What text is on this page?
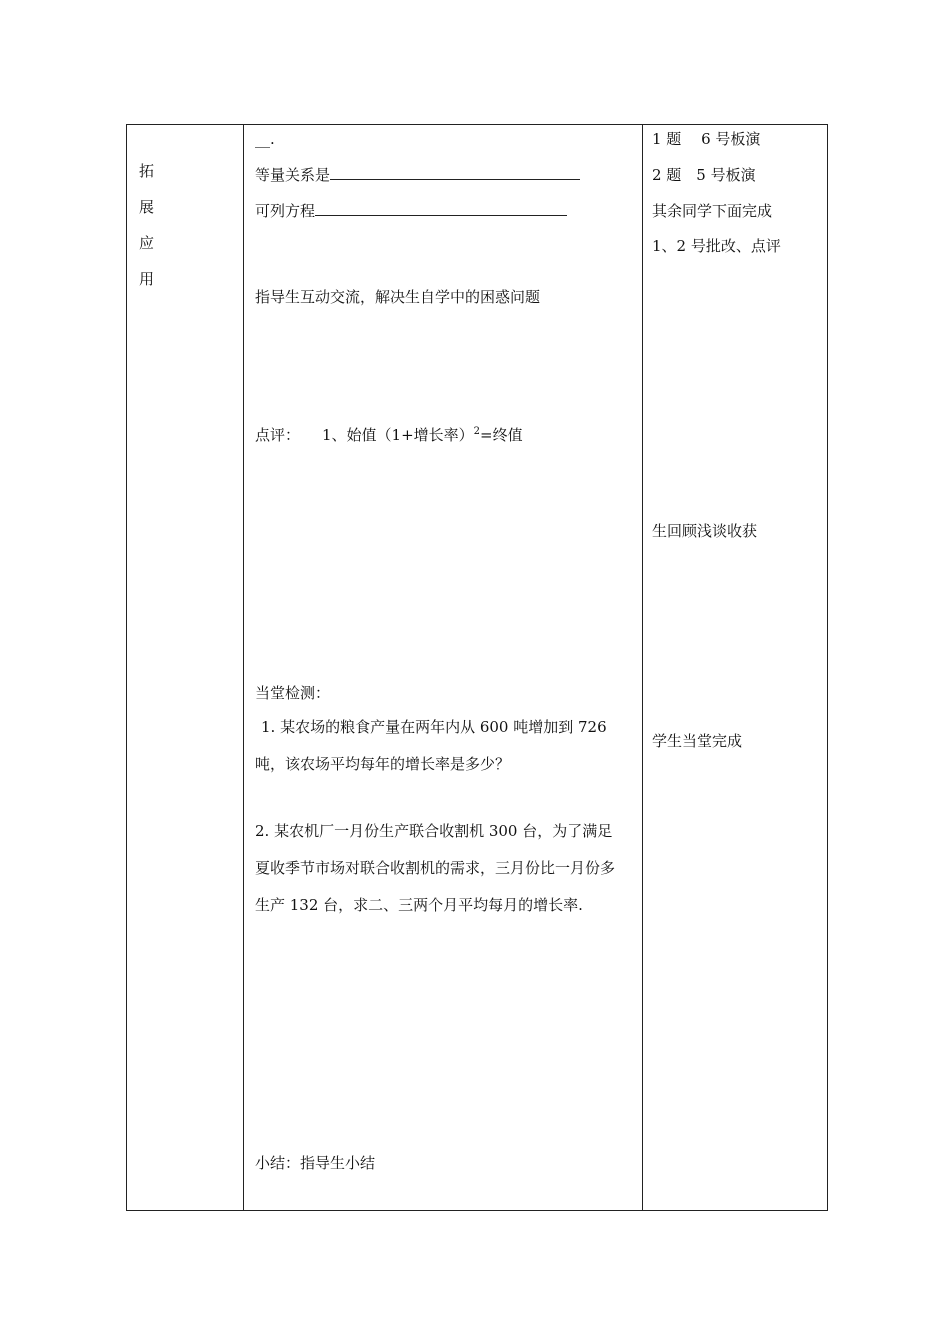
拓
展
应
用
__.
等量关系是
可列方程
指导生互动交流，解决生自学中的困惑问题
点评： 1、始值（1+增长率）$^2$=终值
当堂检测：
1. 某农场的粮食产量在两年内从 600 吨增加到 726 吨，该农场平均每年的增长率是多少？
2. 某农机厂一月份生产联合收割机 300 台，为了满足夏收季节市场对联合收割机的需求，三月份比一月份多生产 132 台，求二、三两个月平均每月的增长率.
小结：指导生小结
1 题　 6 号板演
2 题　5 号板演
其余同学下面完成
1、2 号批改、点评
生回顾浅谈收获
学生当堂完成
